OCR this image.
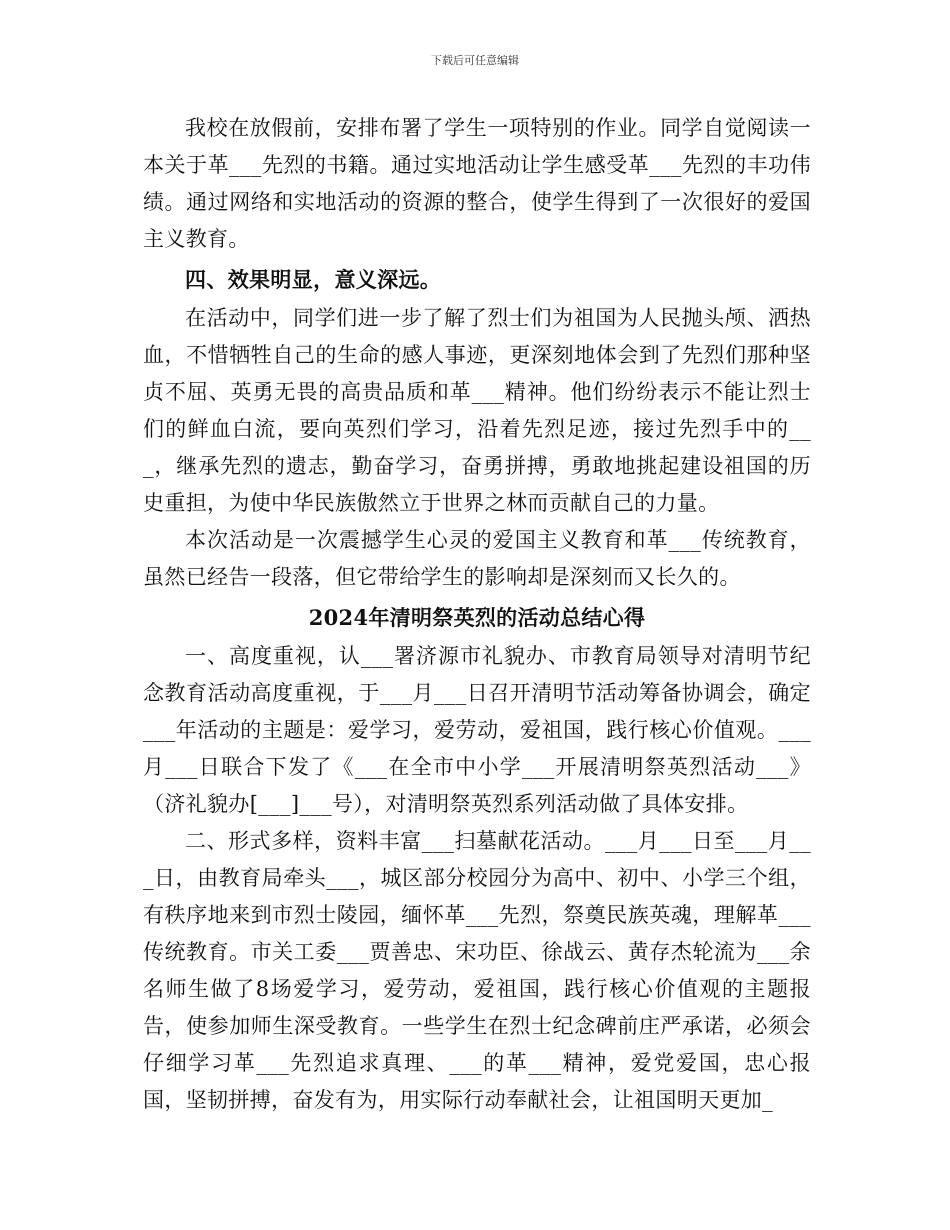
下载后可任意编辑

我校在放假前，安排布署了学生一项特别的作业。同学自觉阅读一本关于革___先烈的书籍。通过实地活动让学生感受革___先烈的丰功伟绩。通过网络和实地活动的资源的整合，使学生得到了一次很好的爱国主义教育。

四、效果明显，意义深远。

在活动中，同学们进一步了解了烈士们为祖国为人民抛头颅、洒热血，不惜牺牲自己的生命的感人事迹，更深刻地体会到了先烈们那种坚贞不屈、英勇无畏的高贵品质和革___精神。他们纷纷表示不能让烈士们的鲜血白流，要向英烈们学习，沿着先烈足迹，接过先烈手中的___，继承先烈的遗志，勤奋学习，奋勇拼搏，勇敢地挑起建设祖国的历史重担，为使中华民族傲然立于世界之林而贡献自己的力量。

本次活动是一次震撼学生心灵的爱国主义教育和革___传统教育，虽然已经告一段落，但它带给学生的影响却是深刻而又长久的。

2024年清明祭英烈的活动总结心得

一、高度重视，认___署济源市礼貌办、市教育局领导对清明节纪念教育活动高度重视，于___月___日召开清明节活动筹备协调会，确定___年活动的主题是：爱学习，爱劳动，爱祖国，践行核心价值观。___月___日联合下发了《___在全市中小学___开展清明祭英烈活动___》（济礼貌办[___]___号），对清明祭英烈系列活动做了具体安排。

二、形式多样，资料丰富___扫墓献花活动。___月___日至___月___日，由教育局牵头___，城区部分校园分为高中、初中、小学三个组，有秩序地来到市烈士陵园，缅怀革___先烈，祭奠民族英魂，理解革___传统教育。市关工委___贾善忠、宋功臣、徐战云、黄存杰轮流为___余名师生做了8场爱学习，爱劳动，爱祖国，践行核心价值观的主题报告，使参加师生深受教育。一些学生在烈士纪念碑前庄严承诺，必须会仔细学习革___先烈追求真理、___的革___精神，爱党爱国，忠心报国，坚韧拼搏，奋发有为，用实际行动奉献社会，让祖国明天更加_
